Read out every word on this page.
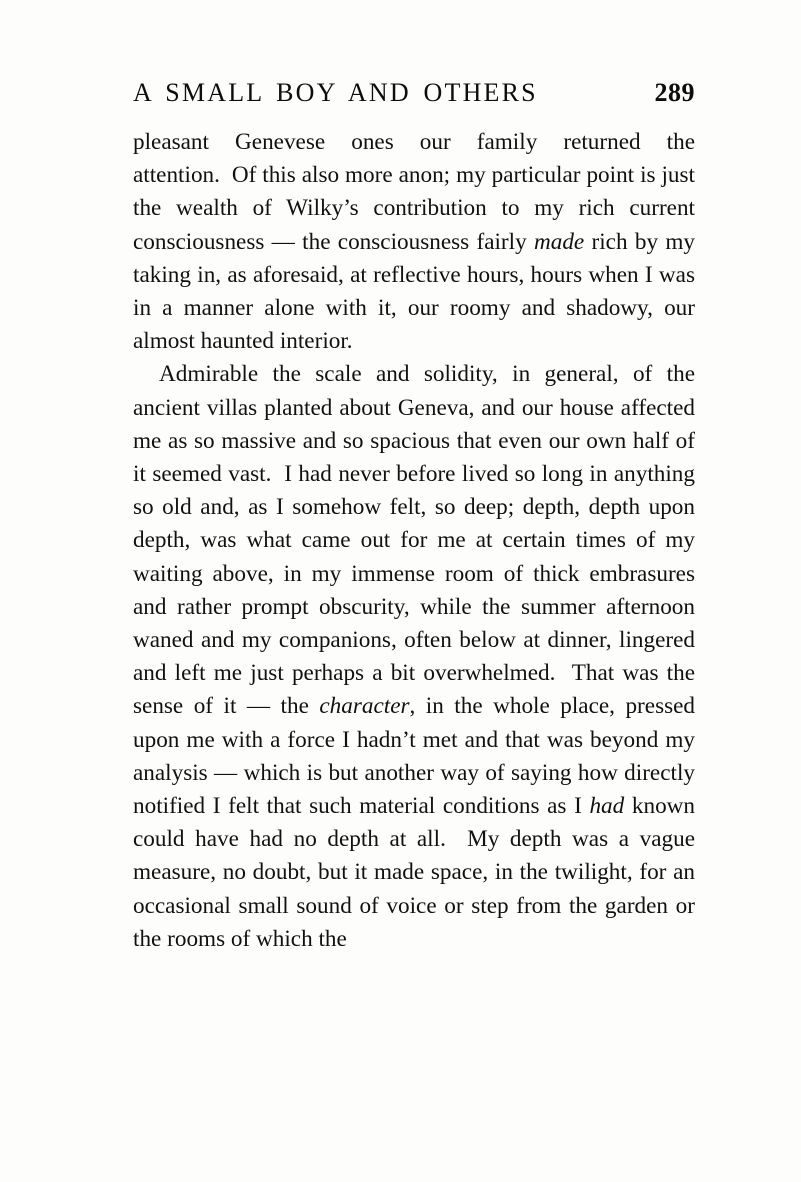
A SMALL BOY AND OTHERS	289

pleasant Genevese ones our family returned the attention.  Of this also more anon; my particular point is just the wealth of Wilky’s contribution to my rich current consciousness — the consciousness fairly made rich by my taking in, as aforesaid, at reflective hours, hours when I was in a manner alone with it, our roomy and shadowy, our almost haunted interior.

Admirable the scale and solidity, in general, of the ancient villas planted about Geneva, and our house affected me as so massive and so spacious that even our own half of it seemed vast.  I had never before lived so long in anything so old and, as I somehow felt, so deep; depth, depth upon depth, was what came out for me at certain times of my waiting above, in my immense room of thick embrasures and rather prompt obscurity, while the summer afternoon waned and my companions, often below at dinner, lingered and left me just perhaps a bit overwhelmed.  That was the sense of it — the character, in the whole place, pressed upon me with a force I hadn’t met and that was beyond my analysis — which is but another way of saying how directly notified I felt that such material conditions as I had known could have had no depth at all.  My depth was a vague measure, no doubt, but it made space, in the twilight, for an occasional small sound of voice or step from the garden or the rooms of which the
